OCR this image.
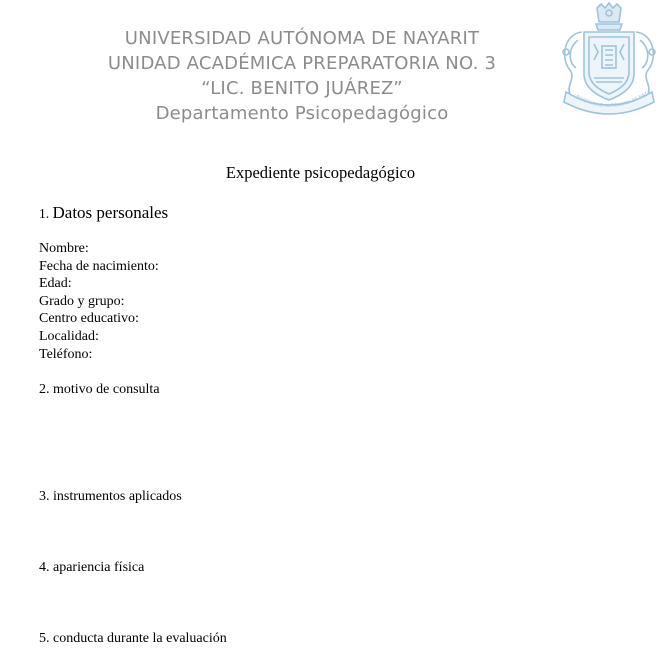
UNIVERSIDAD AUTÓNOMA DE NAYARIT
UNIDAD ACADÉMICA PREPARATORIA NO. 3
“LIC. BENITO JUÁREZ”
Departamento Psicopedagógico
UNIVERSIDAD AUTÓNOMA DE NAY
Expediente psicopedagógico
1. Datos personales
Nombre:
Fecha de nacimiento:
Edad:
Grado y grupo:
Centro educativo:
Localidad:
Teléfono:
2. motivo de consulta
3. instrumentos aplicados
4. apariencia física
5. conducta durante la evaluación
